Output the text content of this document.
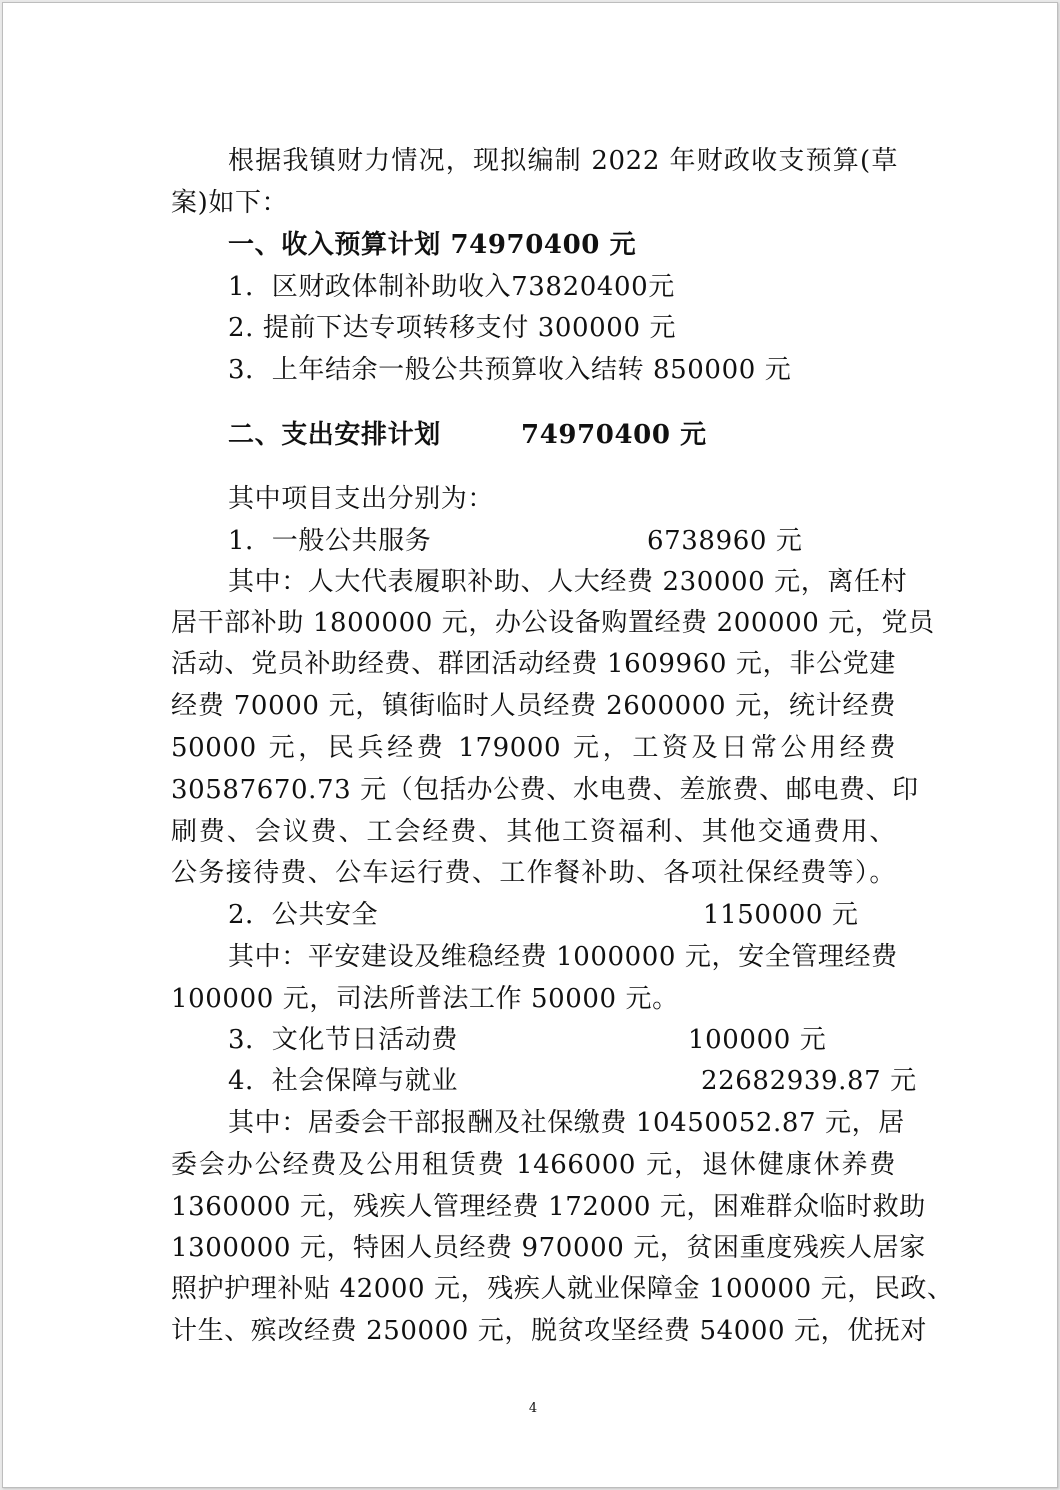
根据我镇财力情况，现拟编制 2022 年财政收支预算(草
案)如下：
一、收入预算计划 74970400 元
1．区财政体制补助收入73820400元
2. 提前下达专项转移支付 300000 元
3．上年结余一般公共预算收入结转 850000 元
二、支出安排计划	74970400 元
其中项目支出分别为：
1．一般公共服务	6738960 元
其中：人大代表履职补助、人大经费 230000 元，离任村
居干部补助 1800000 元，办公设备购置经费 200000 元，党员
活动、党员补助经费、群团活动经费 1609960 元，非公党建
经费 70000 元，镇街临时人员经费 2600000 元，统计经费
50000 元，民兵经费 179000 元，工资及日常公用经费
30587670.73 元（包括办公费、水电费、差旅费、邮电费、印
刷费、会议费、工会经费、其他工资福利、其他交通费用、
公务接待费、公车运行费、工作餐补助、各项社保经费等）。
2．公共安全	1150000 元
其中：平安建设及维稳经费 1000000 元，安全管理经费
100000 元，司法所普法工作 50000 元。
3．文化节日活动费	100000 元
4．社会保障与就业	22682939.87 元
其中：居委会干部报酬及社保缴费 10450052.87 元，居
委会办公经费及公用租赁费 1466000 元，退休健康休养费
1360000 元，残疾人管理经费 172000 元，困难群众临时救助
1300000 元，特困人员经费 970000 元，贫困重度残疾人居家
照护护理补贴 42000 元，残疾人就业保障金 100000 元，民政、
计生、殡改经费 250000 元，脱贫攻坚经费 54000 元，优抚对
4
